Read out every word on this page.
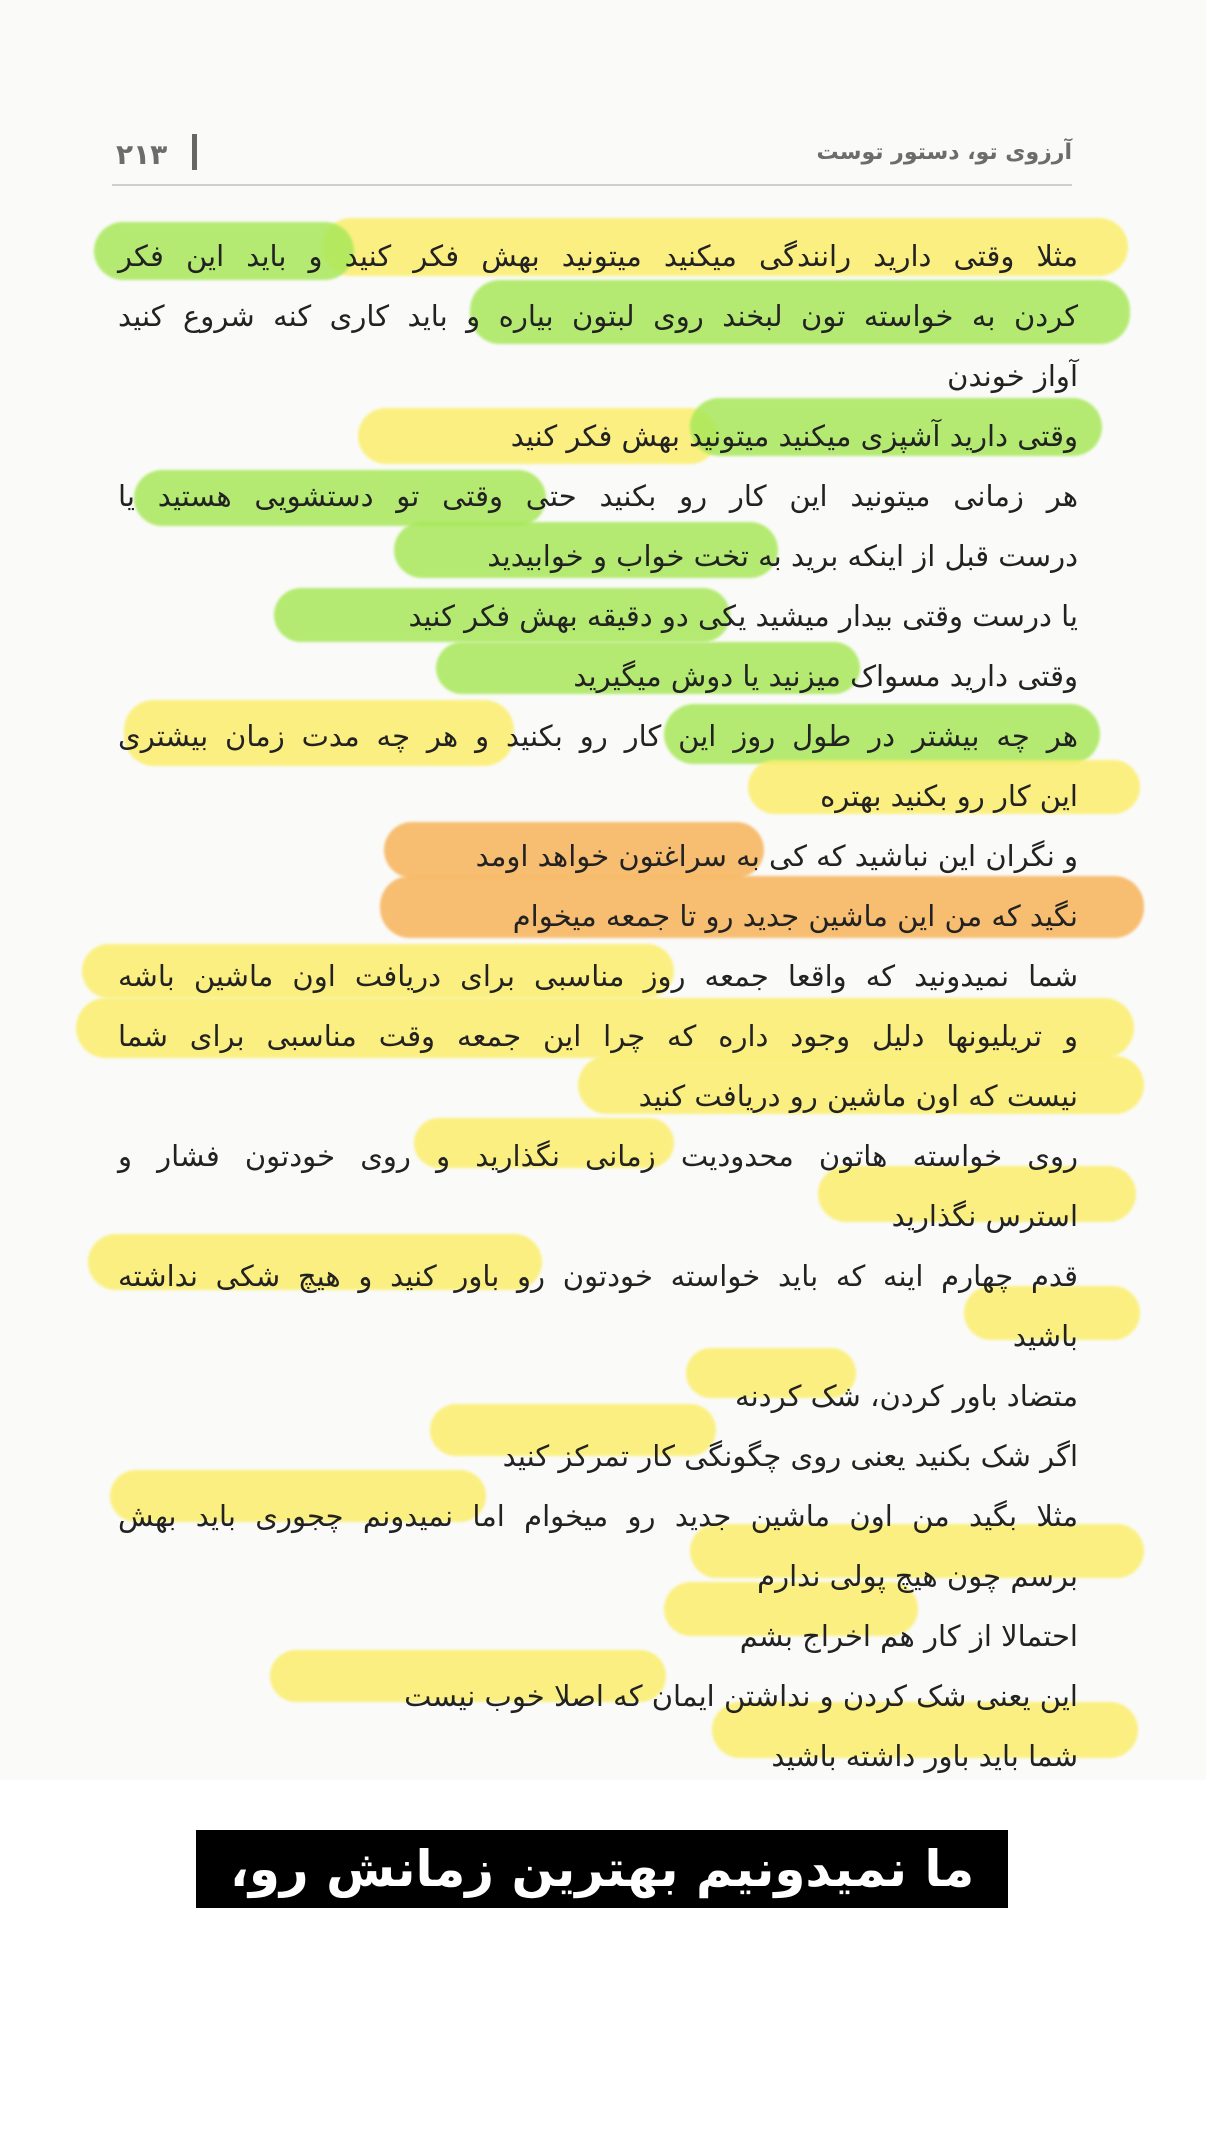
آرزوی تو، دستور توست
۲۱۳
مثلا وقتی دارید رانندگی میکنید میتونید بهش فکر کنید و باید این فکر
کردن به خواسته تون لبخند روی لبتون بیاره و باید کاری کنه شروع کنید
آواز خوندن
وقتی دارید آشپزی میکنید میتونید بهش فکر کنید
هر زمانی میتونید این کار رو بکنید حتی وقتی تو دستشویی هستید یا
درست قبل از اینکه برید به تخت خواب و خوابیدید
یا درست وقتی بیدار میشید یکی دو دقیقه بهش فکر کنید
وقتی دارید مسواک میزنید یا دوش میگیرید
هر چه بیشتر در طول روز این کار رو بکنید و هر چه مدت زمان بیشتری
این کار رو بکنید بهتره
و نگران این نباشید که کی به سراغتون خواهد اومد
نگید که من این ماشین جدید رو تا جمعه میخوام
شما نمیدونید که واقعا جمعه روز مناسبی برای دریافت اون ماشین باشه
و تریلیونها دلیل وجود داره که چرا این جمعه وقت مناسبی برای شما
نیست که اون ماشین رو دریافت کنید
روی خواسته هاتون محدودیت زمانی نگذارید و روی خودتون فشار و
استرس نگذارید
قدم چهارم اینه که باید خواسته خودتون رو باور کنید و هیچ شکی نداشته
باشید
متضاد باور کردن، شک کردنه
اگر شک بکنید یعنی روی چگونگی کار تمرکز کنید
مثلا بگید من اون ماشین جدید رو میخوام اما نمیدونم چجوری باید بهش
برسم چون هیچ پولی ندارم
احتمالا از کار هم اخراج بشم
این یعنی شک کردن و نداشتن ایمان که اصلا خوب نیست
شما باید باور داشته باشید
ما نمیدونیم بهترین زمانش رو،
